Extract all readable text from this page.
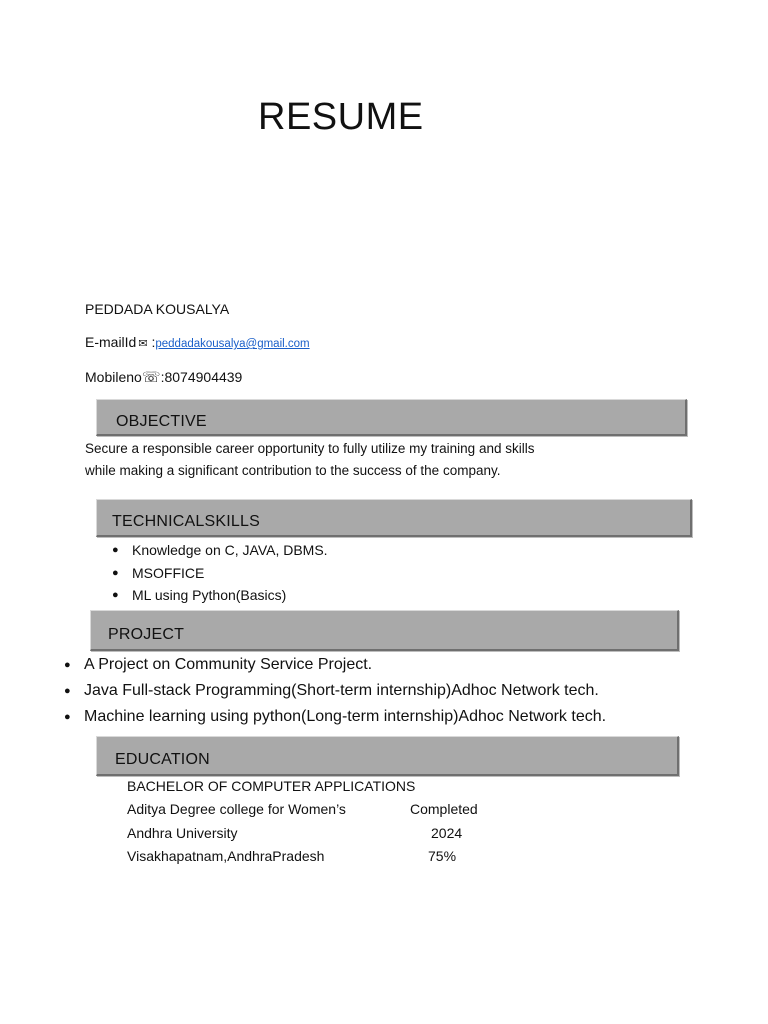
RESUME
PEDDADA KOUSALYA
E-mailId ✉ :peddadakousalya@gmail.com
Mobileno☏:8074904439
OBJECTIVE
Secure a responsible career opportunity to fully utilize my training and skills
while making a significant contribution to the success of the company.
TECHNICALSKILLS
● Knowledge on C, JAVA, DBMS.
● MSOFFICE
● ML using Python(Basics)
PROJECT
● A Project on Community Service Project.
● Java Full-stack Programming(Short-term internship)Adhoc Network tech.
● Machine learning using python(Long-term internship)Adhoc Network tech.
EDUCATION
BACHELOR OF COMPUTER APPLICATIONS
Aditya Degree college for Women’s	Completed
Andhra University	2024
Visakhapatnam,AndhraPradesh	75%
